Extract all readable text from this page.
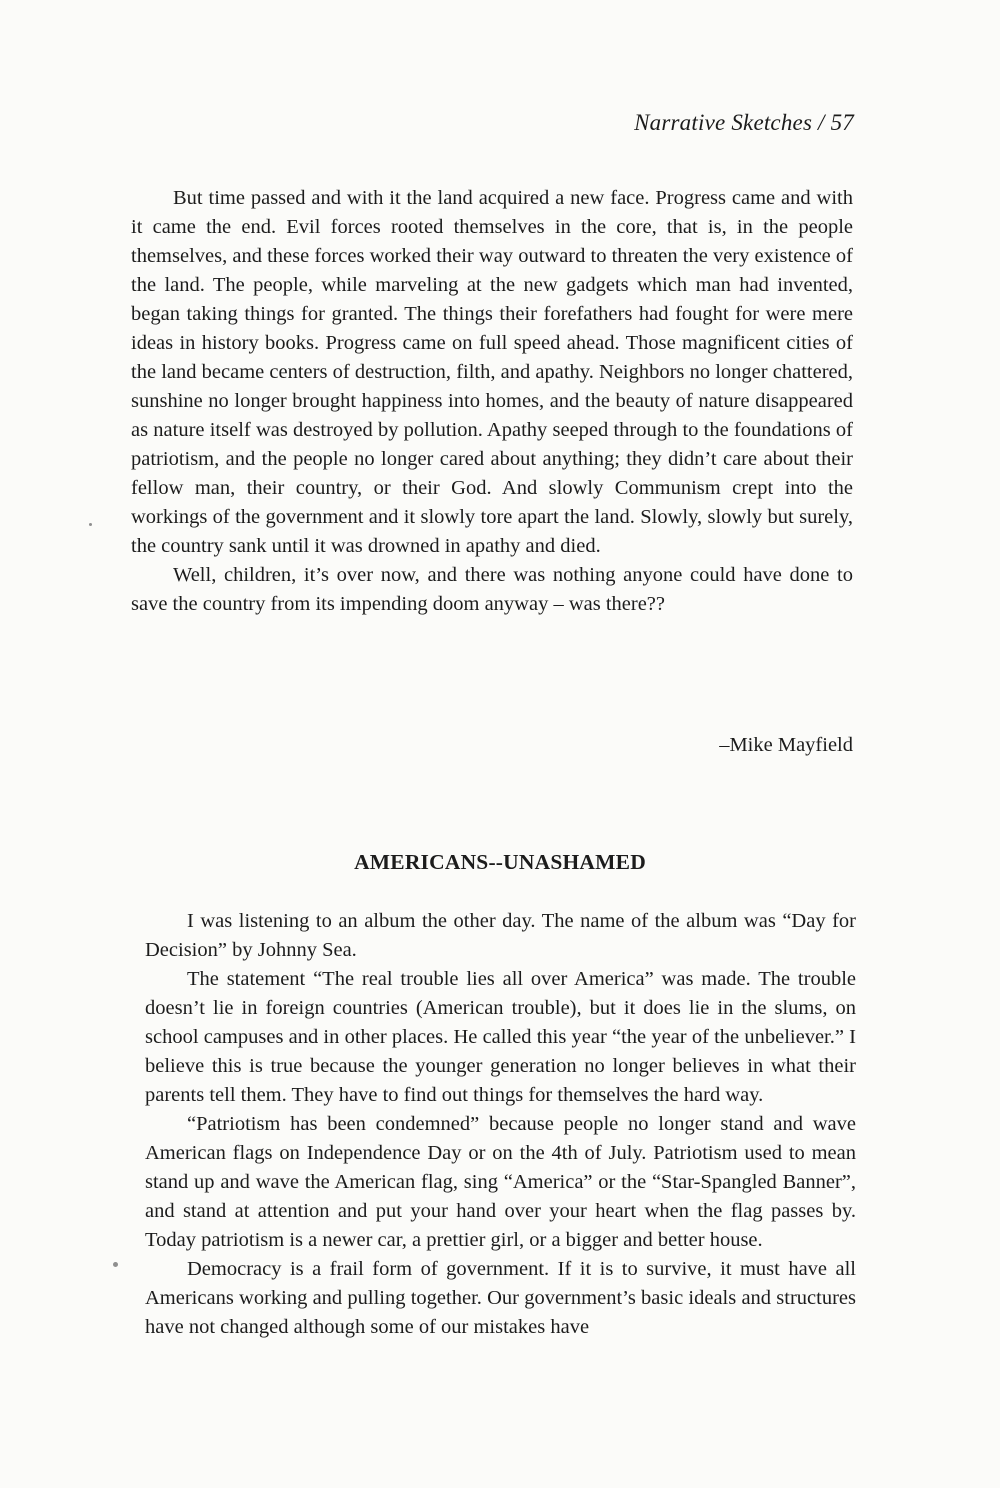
Narrative Sketches / 57

But time passed and with it the land acquired a new face. Progress came and with it came the end. Evil forces rooted themselves in the core, that is, in the people themselves, and these forces worked their way outward to threaten the very existence of the land. The people, while marveling at the new gadgets which man had invented, began taking things for granted. The things their forefathers had fought for were mere ideas in history books. Progress came on full speed ahead. Those magnificent cities of the land became centers of destruction, filth, and apathy. Neighbors no longer chattered, sunshine no longer brought happiness into homes, and the beauty of nature disappeared as nature itself was destroyed by pollution. Apathy seeped through to the foundations of patriotism, and the people no longer cared about anything; they didn’t care about their fellow man, their country, or their God. And slowly Communism crept into the workings of the government and it slowly tore apart the land. Slowly, slowly but surely, the country sank until it was drowned in apathy and died.

Well, children, it’s over now, and there was nothing anyone could have done to save the country from its impending doom anyway – was there??

–Mike Mayfield
AMERICANS--UNASHAMED

I was listening to an album the other day. The name of the album was “Day for Decision” by Johnny Sea.

The statement “The real trouble lies all over America” was made. The trouble doesn’t lie in foreign countries (American trouble), but it does lie in the slums, on school campuses and in other places. He called this year “the year of the unbeliever.” I believe this is true because the younger generation no longer believes in what their parents tell them. They have to find out things for themselves the hard way.

“Patriotism has been condemned” because people no longer stand and wave American flags on Independence Day or on the 4th of July. Patriotism used to mean stand up and wave the American flag, sing “America” or the “Star-Spangled Banner”, and stand at attention and put your hand over your heart when the flag passes by. Today patriotism is a newer car, a prettier girl, or a bigger and better house.

Democracy is a frail form of government. If it is to survive, it must have all Americans working and pulling together. Our government’s basic ideals and structures have not changed although some of our mistakes have
